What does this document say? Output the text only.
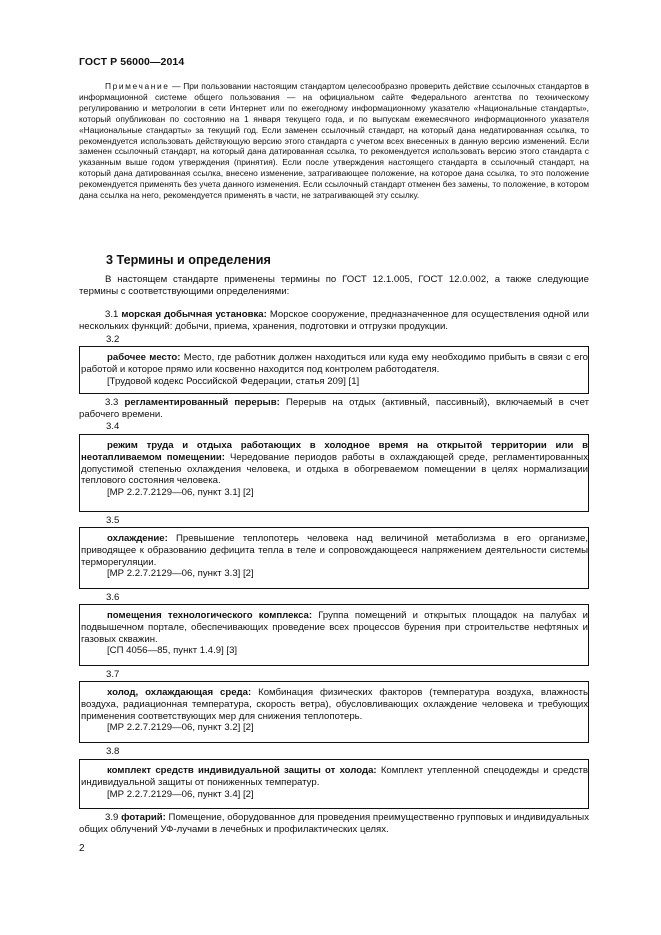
ГОСТ Р 56000—2014
Примечание — При пользовании настоящим стандартом целесообразно проверить действие ссылочных стандартов в информационной системе общего пользования — на официальном сайте Федерального агентства по техническому регулированию и метрологии в сети Интернет или по ежегодному информационному указателю «Национальные стандарты», который опубликован по состоянию на 1 января текущего года, и по выпускам ежемесячного информационного указателя «Национальные стандарты» за текущий год. Если заменен ссылочный стандарт, на который дана недатированная ссылка, то рекомендуется использовать действующую версию этого стандарта с учетом всех внесенных в данную версию изменений. Если заменен ссылочный стандарт, на который дана датированная ссылка, то рекомендуется использовать версию этого стандарта с указанным выше годом утверждения (принятия). Если после утверждения настоящего стандарта в ссылочный стандарт, на который дана датированная ссылка, внесено изменение, затрагивающее положение, на которое дана ссылка, то это положение рекомендуется применять без учета данного изменения. Если ссылочный стандарт отменен без замены, то положение, в котором дана ссылка на него, рекомендуется применять в части, не затрагивающей эту ссылку.
3 Термины и определения
В настоящем стандарте применены термины по ГОСТ 12.1.005, ГОСТ 12.0.002, а также следующие термины с соответствующими определениями:
3.1 морская добычная установка: Морское сооружение, предназначенное для осуществления одной или нескольких функций: добычи, приема, хранения, подготовки и отгрузки продукции.
3.2
рабочее место: Место, где работник должен находиться или куда ему необходимо прибыть в связи с его работой и которое прямо или косвенно находится под контролем работодателя.
[Трудовой кодекс Российской Федерации, статья 209] [1]
3.3 регламентированный перерыв: Перерыв на отдых (активный, пассивный), включаемый в счет рабочего времени.
3.4
режим труда и отдыха работающих в холодное время на открытой территории или в неотапливаемом помещении: Чередование периодов работы в охлаждающей среде, регламентированных допустимой степенью охлаждения человека, и отдыха в обогреваемом помещении в целях нормализации теплового состояния человека.
[МР 2.2.7.2129—06, пункт 3.1] [2]
3.5
охлаждение: Превышение теплопотерь человека над величиной метаболизма в его организме, приводящее к образованию дефицита тепла в теле и сопровождающееся напряжением деятельности системы терморегуляции.
[МР 2.2.7.2129—06, пункт 3.3] [2]
3.6
помещения технологического комплекса: Группа помещений и открытых площадок на палубах и подвышечном портале, обеспечивающих проведение всех процессов бурения при строительстве нефтяных и газовых скважин.
[СП 4056—85, пункт 1.4.9] [3]
3.7
холод, охлаждающая среда: Комбинация физических факторов (температура воздуха, влажность воздуха, радиационная температура, скорость ветра), обусловливающих охлаждение человека и требующих применения соответствующих мер для снижения теплопотерь.
[МР 2.2.7.2129—06, пункт 3.2] [2]
3.8
комплект средств индивидуальной защиты от холода: Комплект утепленной спецодежды и средств индивидуальной защиты от пониженных температур.
[МР 2.2.7.2129—06, пункт 3.4] [2]
3.9 фотарий: Помещение, оборудованное для проведения преимущественно групповых и индивидуальных общих облучений УФ-лучами в лечебных и профилактических целях.
2
